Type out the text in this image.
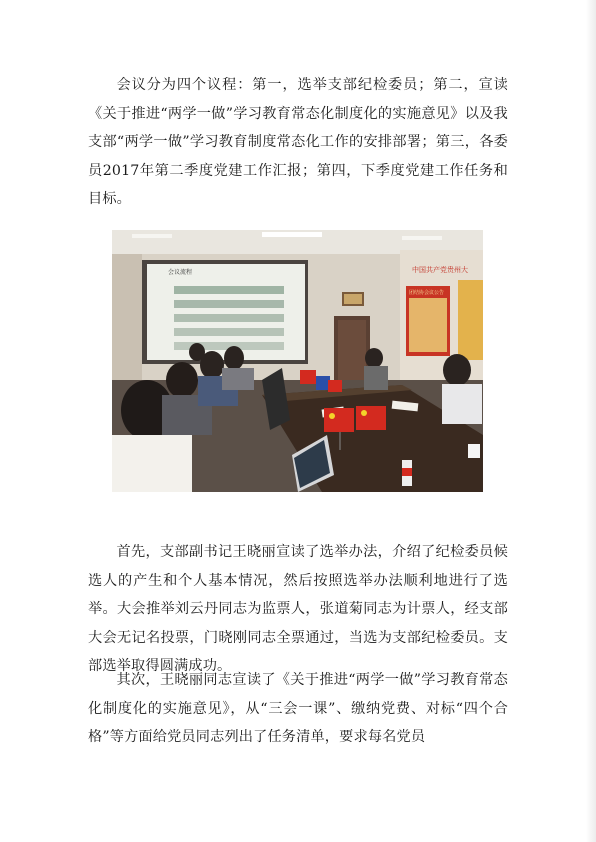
会议分为四个议程：第一，选举支部纪检委员；第二，宣读《关于推进“两学一做”学习教育常态化制度化的实施意见》以及我支部“两学一做”学习教育制度常态化工作的安排部署；第三，各委员2017年第二季度党建工作汇报；第四，下季度党建工作任务和目标。

会议流程	中国共产党贵州大
团结协会议公告

首先，支部副书记王晓丽宣读了选举办法，介绍了纪检委员候选人的产生和个人基本情况，然后按照选举办法顺利地进行了选举。大会推举刘云丹同志为监票人，张道菊同志为计票人，经支部大会无记名投票，门晓刚同志全票通过，当选为支部纪检委员。支部选举取得圆满成功。

其次，王晓丽同志宣读了《关于推进“两学一做”学习教育常态化制度化的实施意见》，从“三会一课”、缴纳党费、对标“四个合格”等方面给党员同志列出了任务清单，要求每名党员
